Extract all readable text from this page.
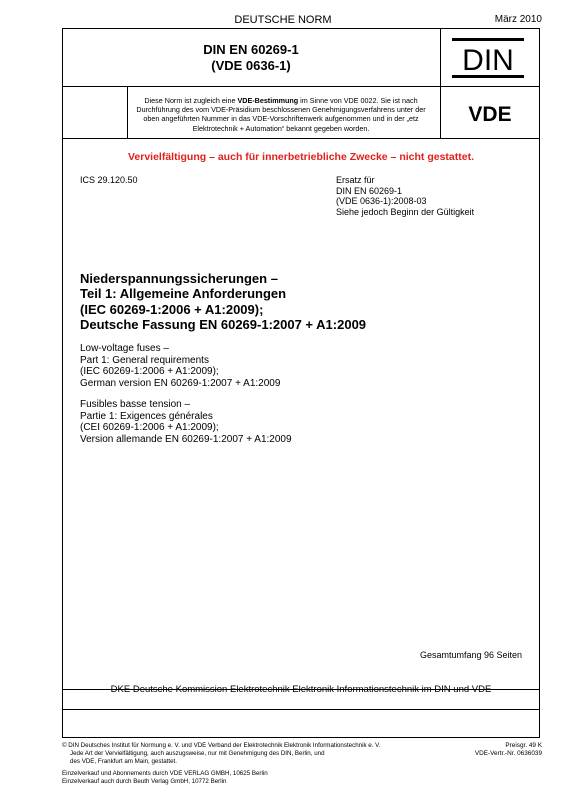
DEUTSCHE NORM	März 2010
DIN EN 60269-1
(VDE 0636-1)	DIN
VDE
Diese Norm ist zugleich eine VDE-Bestimmung im Sinne von VDE 0022. Sie ist nach Durchführung des vom VDE-Präsidium beschlossenen Genehmigungsverfahrens unter der oben angeführten Nummer in das VDE-Vorschriftenwerk aufgenommen und in der „etz Elektrotechnik + Automation“ bekannt gegeben worden.
Vervielfältigung – auch für innerbetriebliche Zwecke – nicht gestattet.
ICS 29.120.50	Ersatz für
DIN EN 60269-1
(VDE 0636-1):2008-03
Siehe jedoch Beginn der Gültigkeit
Niederspannungssicherungen –
Teil 1: Allgemeine Anforderungen
(IEC 60269-1:2006 + A1:2009);
Deutsche Fassung EN 60269-1:2007 + A1:2009
Low-voltage fuses –
Part 1: General requirements
(IEC 60269-1:2006 + A1:2009);
German version EN 60269-1:2007 + A1:2009
Fusibles basse tension –
Partie 1: Exigences générales
(CEI 60269-1:2006 + A1:2009);
Version allemande EN 60269-1:2007 + A1:2009
Gesamtumfang 96 Seiten
DKE Deutsche Kommission Elektrotechnik Elektronik Informationstechnik im DIN und VDE
© DIN Deutsches Institut für Normung e. V. und VDE Verband der Elektrotechnik Elektronik Informationstechnik e. V.
Jede Art der Vervielfältigung, auch auszugsweise, nur mit Genehmigung des DIN, Berlin, und
des VDE, Frankfurt am Main, gestattet.
Preisgr. 49 K
VDE-Vertr.-Nr. 0636039
Einzelverkauf und Abonnements durch VDE VERLAG GMBH, 10625 Berlin
Einzelverkauf auch durch Beuth Verlag GmbH, 10772 Berlin
